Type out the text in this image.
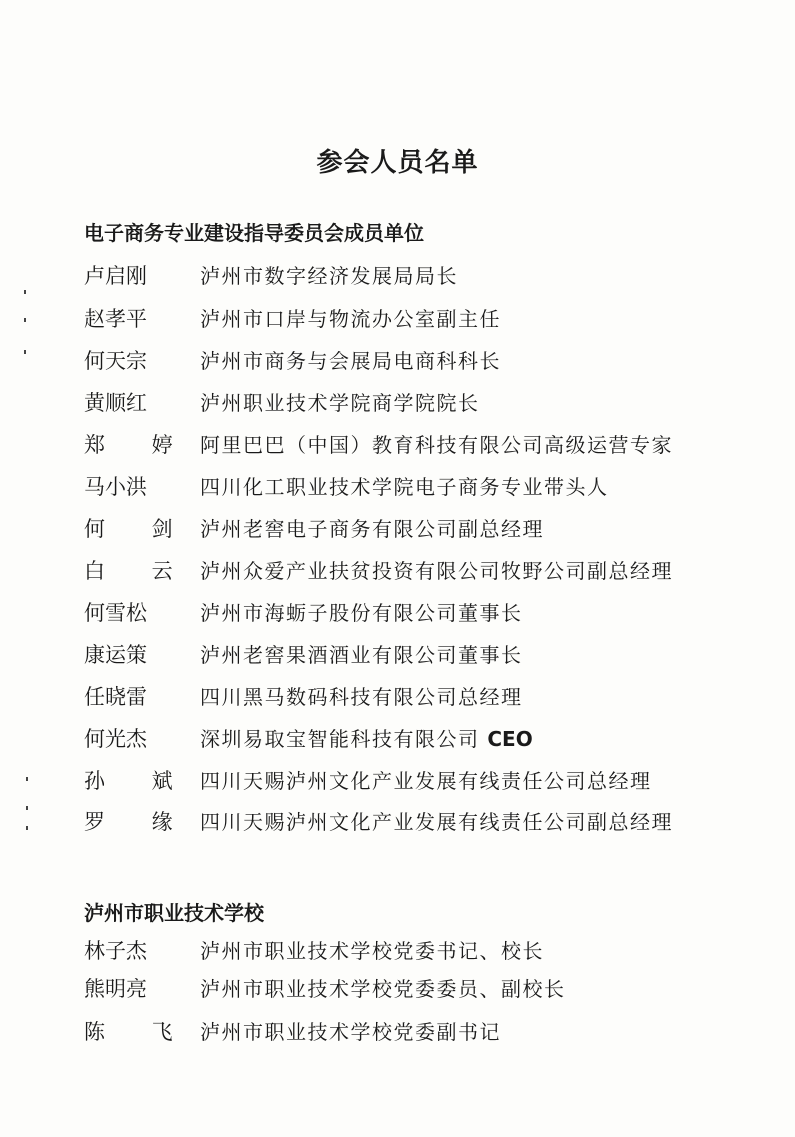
参会人员名单
电子商务专业建设指导委员会成员单位
卢启刚	泸州市数字经济发展局局长
赵孝平	泸州市口岸与物流办公室副主任
何天宗	泸州市商务与会展局电商科科长
黄顺红	泸州职业技术学院商学院院长
郑 婷 阿里巴巴（中国）教育科技有限公司高级运营专家
马小洪	四川化工职业技术学院电子商务专业带头人
何 剑 泸州老窖电子商务有限公司副总经理
白 云 泸州众爱产业扶贫投资有限公司牧野公司副总经理
何雪松	泸州市海蛎子股份有限公司董事长
康运策	泸州老窖果酒酒业有限公司董事长
任晓雷	四川黑马数码科技有限公司总经理
何光杰	深圳易取宝智能科技有限公司 CEO
孙 斌 四川天赐泸州文化产业发展有线责任公司总经理
罗 缘 四川天赐泸州文化产业发展有线责任公司副总经理
泸州市职业技术学校
林子杰	泸州市职业技术学校党委书记、校长
熊明亮	泸州市职业技术学校党委委员、副校长
陈 飞 泸州市职业技术学校党委副书记
